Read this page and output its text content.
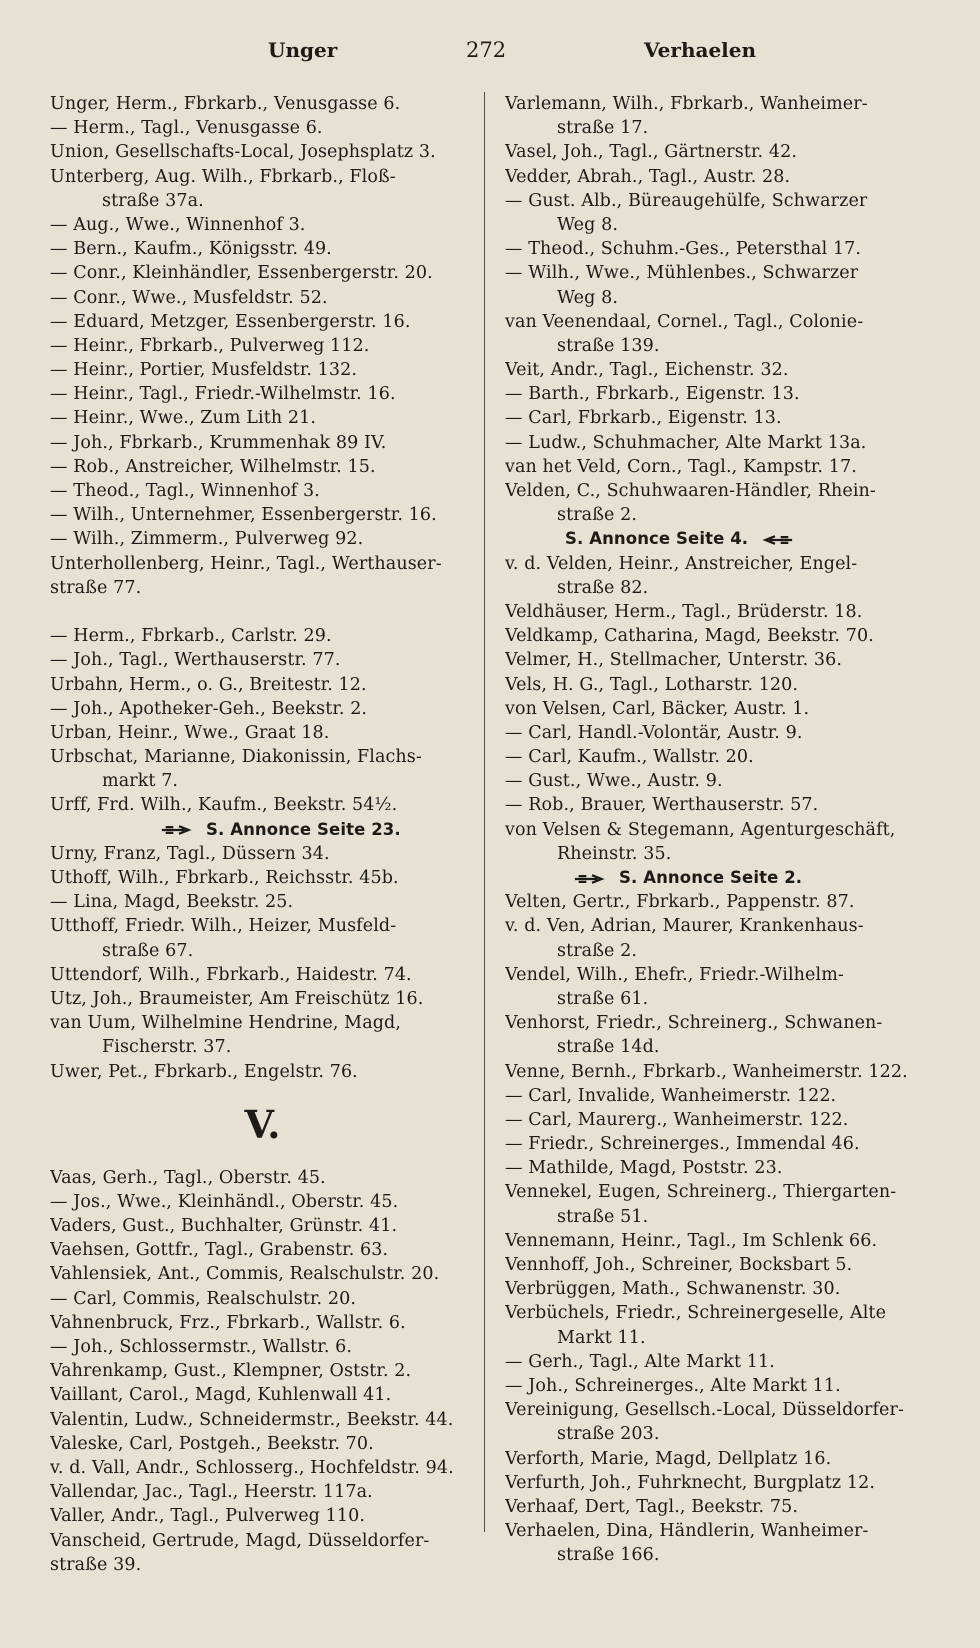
Unger	272	Verhaelen
Unger, Herm., Fbrkarb., Venusgasse 6.
— Herm., Tagl., Venusgasse 6.
Union, Gesellschafts-Local, Josephsplatz 3.
Unterberg, Aug. Wilh., Fbrkarb., Floß-
straße 37a.
— Aug., Wwe., Winnenhof 3.
— Bern., Kaufm., Königsstr. 49.
— Conr., Kleinhändler, Essenbergerstr. 20.
— Conr., Wwe., Musfeldstr. 52.
— Eduard, Metzger, Essenbergerstr. 16.
— Heinr., Fbrkarb., Pulverweg 112.
— Heinr., Portier, Musfeldstr. 132.
— Heinr., Tagl., Friedr.-Wilhelmstr. 16.
— Heinr., Wwe., Zum Lith 21.
— Joh., Fbrkarb., Krummenhak 89 IV.
— Rob., Anstreicher, Wilhelmstr. 15.
— Theod., Tagl., Winnenhof 3.
— Wilh., Unternehmer, Essenbergerstr. 16.
— Wilh., Zimmerm., Pulverweg 92.
Unterhollenberg, Heinr., Tagl., Werthauser-
straße 77.
— Herm., Fbrkarb., Carlstr. 29.
— Joh., Tagl., Werthauserstr. 77.
Urbahn, Herm., o. G., Breitestr. 12.
— Joh., Apotheker-Geh., Beekstr. 2.
Urban, Heinr., Wwe., Graat 18.
Urbschat, Marianne, Diakonissin, Flachs-
markt 7.
Urff, Frd. Wilh., Kaufm., Beekstr. 54½.
S. Annonce Seite 23.
Urny, Franz, Tagl., Düssern 34.
Uthoff, Wilh., Fbrkarb., Reichsstr. 45b.
— Lina, Magd, Beekstr. 25.
Utthoff, Friedr. Wilh., Heizer, Musfeld-
straße 67.
Uttendorf, Wilh., Fbrkarb., Haidestr. 74.
Utz, Joh., Braumeister, Am Freischütz 16.
van Uum, Wilhelmine Hendrine, Magd,
Fischerstr. 37.
Uwer, Pet., Fbrkarb., Engelstr. 76.
V.
Vaas, Gerh., Tagl., Oberstr. 45.
— Jos., Wwe., Kleinhändl., Oberstr. 45.
Vaders, Gust., Buchhalter, Grünstr. 41.
Vaehsen, Gottfr., Tagl., Grabenstr. 63.
Vahlensiek, Ant., Commis, Realschulstr. 20.
— Carl, Commis, Realschulstr. 20.
Vahnenbruck, Frz., Fbrkarb., Wallstr. 6.
— Joh., Schlossermstr., Wallstr. 6.
Vahrenkamp, Gust., Klempner, Oststr. 2.
Vaillant, Carol., Magd, Kuhlenwall 41.
Valentin, Ludw., Schneidermstr., Beekstr. 44.
Valeske, Carl, Postgeh., Beekstr. 70.
v. d. Vall, Andr., Schlosserg., Hochfeldstr. 94.
Vallendar, Jac., Tagl., Heerstr. 117a.
Valler, Andr., Tagl., Pulverweg 110.
Vanscheid, Gertrude, Magd, Düsseldorfer-
straße 39.
Varlemann, Wilh., Fbrkarb., Wanheimer-
straße 17.
Vasel, Joh., Tagl., Gärtnerstr. 42.
Vedder, Abrah., Tagl., Austr. 28.
— Gust. Alb., Büreaugehülfe, Schwarzer
Weg 8.
— Theod., Schuhm.-Ges., Petersthal 17.
— Wilh., Wwe., Mühlenbes., Schwarzer
Weg 8.
van Veenendaal, Cornel., Tagl., Colonie-
straße 139.
Veit, Andr., Tagl., Eichenstr. 32.
— Barth., Fbrkarb., Eigenstr. 13.
— Carl, Fbrkarb., Eigenstr. 13.
— Ludw., Schuhmacher, Alte Markt 13a.
van het Veld, Corn., Tagl., Kampstr. 17.
Velden, C., Schuhwaaren-Händler, Rhein-
straße 2.
S. Annonce Seite 4.
v. d. Velden, Heinr., Anstreicher, Engel-
straße 82.
Veldhäuser, Herm., Tagl., Brüderstr. 18.
Veldkamp, Catharina, Magd, Beekstr. 70.
Velmer, H., Stellmacher, Unterstr. 36.
Vels, H. G., Tagl., Lotharstr. 120.
von Velsen, Carl, Bäcker, Austr. 1.
— Carl, Handl.-Volontär, Austr. 9.
— Carl, Kaufm., Wallstr. 20.
— Gust., Wwe., Austr. 9.
— Rob., Brauer, Werthauserstr. 57.
von Velsen & Stegemann, Agenturgeschäft,
Rheinstr. 35.
S. Annonce Seite 2.
Velten, Gertr., Fbrkarb., Pappenstr. 87.
v. d. Ven, Adrian, Maurer, Krankenhaus-
straße 2.
Vendel, Wilh., Ehefr., Friedr.-Wilhelm-
straße 61.
Venhorst, Friedr., Schreinerg., Schwanen-
straße 14d.
Venne, Bernh., Fbrkarb., Wanheimerstr. 122.
— Carl, Invalide, Wanheimerstr. 122.
— Carl, Maurerg., Wanheimerstr. 122.
— Friedr., Schreinerges., Immendal 46.
— Mathilde, Magd, Poststr. 23.
Vennekel, Eugen, Schreinerg., Thiergarten-
straße 51.
Vennemann, Heinr., Tagl., Im Schlenk 66.
Vennhoff, Joh., Schreiner, Bocksbart 5.
Verbrüggen, Math., Schwanenstr. 30.
Verbüchels, Friedr., Schreinergeselle, Alte
Markt 11.
— Gerh., Tagl., Alte Markt 11.
— Joh., Schreinerges., Alte Markt 11.
Vereinigung, Gesellsch.-Local, Düsseldorfer-
straße 203.
Verforth, Marie, Magd, Dellplatz 16.
Verfurth, Joh., Fuhrknecht, Burgplatz 12.
Verhaaf, Dert, Tagl., Beekstr. 75.
Verhaelen, Dina, Händlerin, Wanheimer-
straße 166.
